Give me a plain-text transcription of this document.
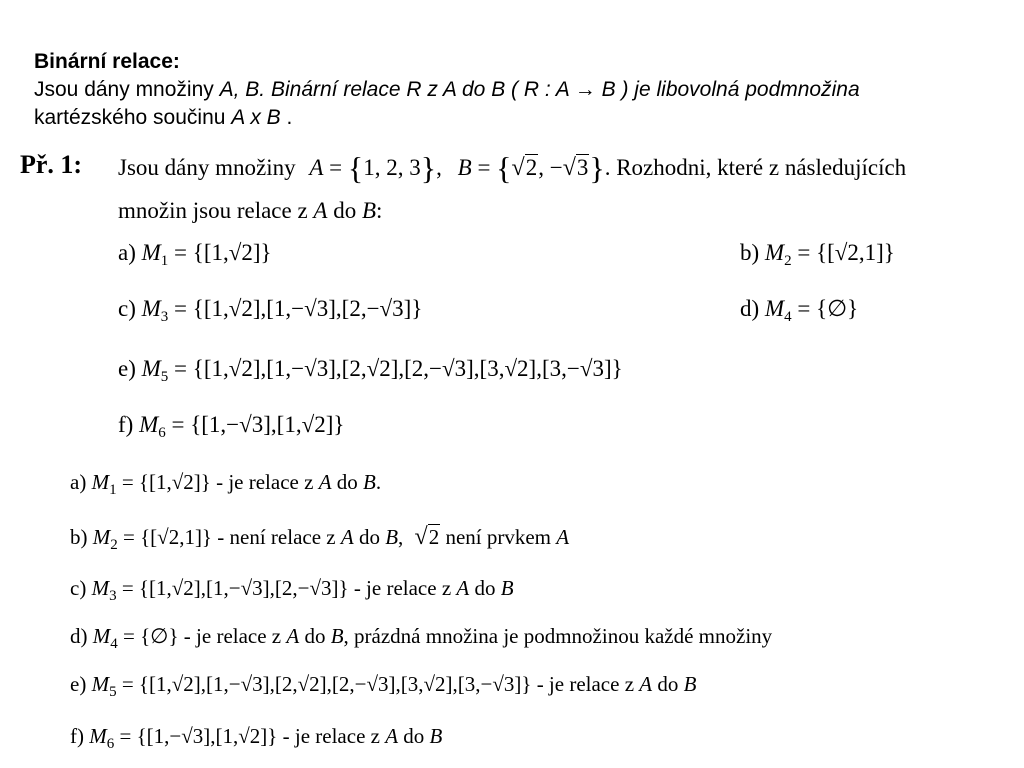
Binární relace:
Jsou dány množiny A, B. Binární relace R z A do B ( R : A → B ) je libovolná podmnožina
kartézského součinu A x B .
Př. 1: Jsou dány množiny A = {1, 2, 3}, B = {√2, −√3}. Rozhodni, které z následujících
množin jsou relace z A do B:
a) $M_1 = \{[1,√2]\}$	b) $M_2 = \{[√2,1]\}$
c) $M_3 = \{[1,√2],[1,-√3],[2,-√3]\}$	d) $M_4$ = {∅}
e) $M_5 = \{[1,√2],[1,-√3],[2,√2],[2,-√3],[3,√2],[3,-√3]\}$
f) $M_6 = \{[1,-√3],[1,√2]\}$
a) $M_1 = \{[1,√2]\}$ - je relace z A do B.
b) $M_2 = \{[√2,1]\}$ - není relace z A do B, √2 není prvkem A
c) $M_3 = \{[1,√2],[1,-√3],[2,-√3]\}$ - je relace z A do B
d) $M_4$ = {∅} - je relace z A do B, prázdná množina je podmnožinou každé množiny
e) $M_5 = \{[1,√2],[1,-√3],[2,√2],[2,-√3],[3,√2],[3,-√3]\}$ - je relace z A do B
f) $M_6 = \{[1,-√3],[1,√2]\}$ - je relace z A do B
